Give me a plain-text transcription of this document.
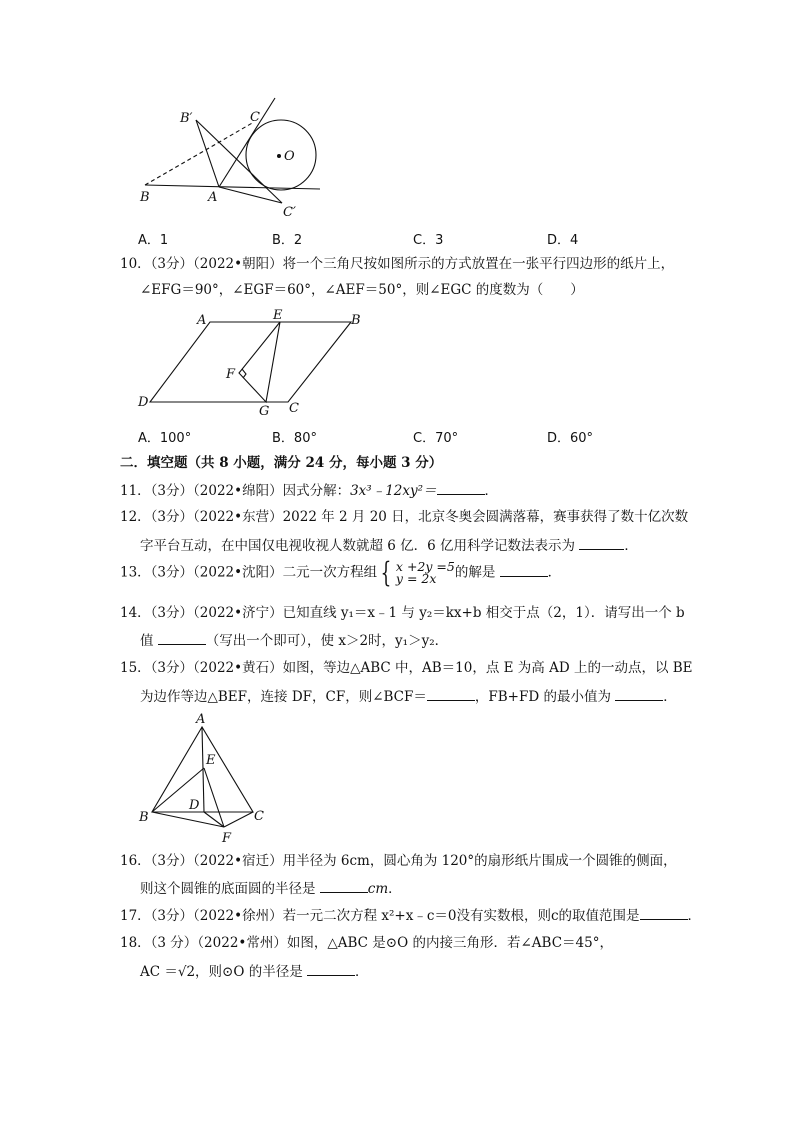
B′	C
O
B	A
C′
A．1	B．2	C．3	D．4
10．（3分）（2022•朝阳）将一个三角尺按如图所示的方式放置在一张平行四边形的纸片上，
∠EFG＝90°，∠EGF＝60°，∠AEF＝50°，则∠EGC 的度数为（　　）
A	E	B
F
D
G C
A．100°	B．80°	C．70°	D．60°
二．填空题（共 8 小题，满分 24 分，每小题 3 分）
11．（3分）（2022•绵阳）因式分解：3x³﹣12xy²＝	．
12．（3分）（2022•东营）2022 年 2 月 20 日，北京冬奥会圆满落幕，赛事获得了数十亿次数
字平台互动，在中国仅电视收视人数就超 6 亿．6 亿用科学记数法表示为	．
13．（3分）（2022•沈阳）二元一次方程组 { x +2y =5
y = 2x	的解是	．
14．（3分）（2022•济宁）已知直线 y₁＝x﹣1 与 y₂＝kx+b 相交于点（2，1）．请写出一个 b
值	（写出一个即可），使 x＞2时，y₁＞y₂．
15．（3分）（2022•黄石）如图，等边△ABC 中，AB＝10，点 E 为高 AD 上的一动点，以 BE
为边作等边△BEF，连接 DF，CF，则∠BCF＝	，FB+FD 的最小值为	．
A
E
D
B	C
F
16．（3分）（2022•宿迁）用半径为 6cm，圆心角为 120°的扇形纸片围成一个圆锥的侧面，
则这个圆锥的底面圆的半径是	cm．
17．（3分）（2022•徐州）若一元二次方程 x²+x﹣c＝0没有实数根，则c的取值范围是	．
18．（3 分）（2022•常州）如图，△ABC 是⊙O 的内接三角形．若∠ABC＝45°，
AC ＝√2，则⊙O 的半径是	．
